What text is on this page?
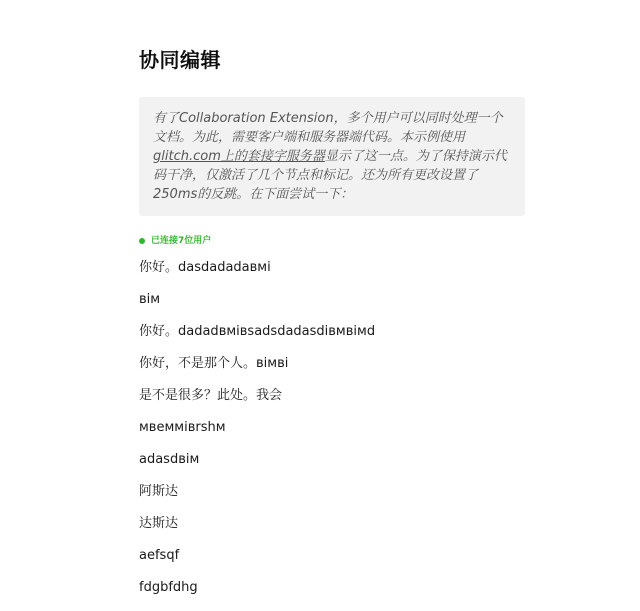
协同编辑
有了Collaboration Extension，多个用户可以同时处理一个文档。为此，需要客户端和服务器端代码。本示例使用glitch.com上的套接字服务器显示了这一点。为了保持演示代码干净，仅激活了几个节点和标记。还为所有更改设置了250ms的反跳。在下面尝试一下：
已连接7位用户

你好。dasdadadaвмі

вім

你好。dadadвмiвsadsdadasdiвмвімd

你好，不是那个人。вімві

是不是很多？此处。我会

мвеммівrshм

adasdвім

阿斯达

达斯达

aefsqf

fdgbfdhg
